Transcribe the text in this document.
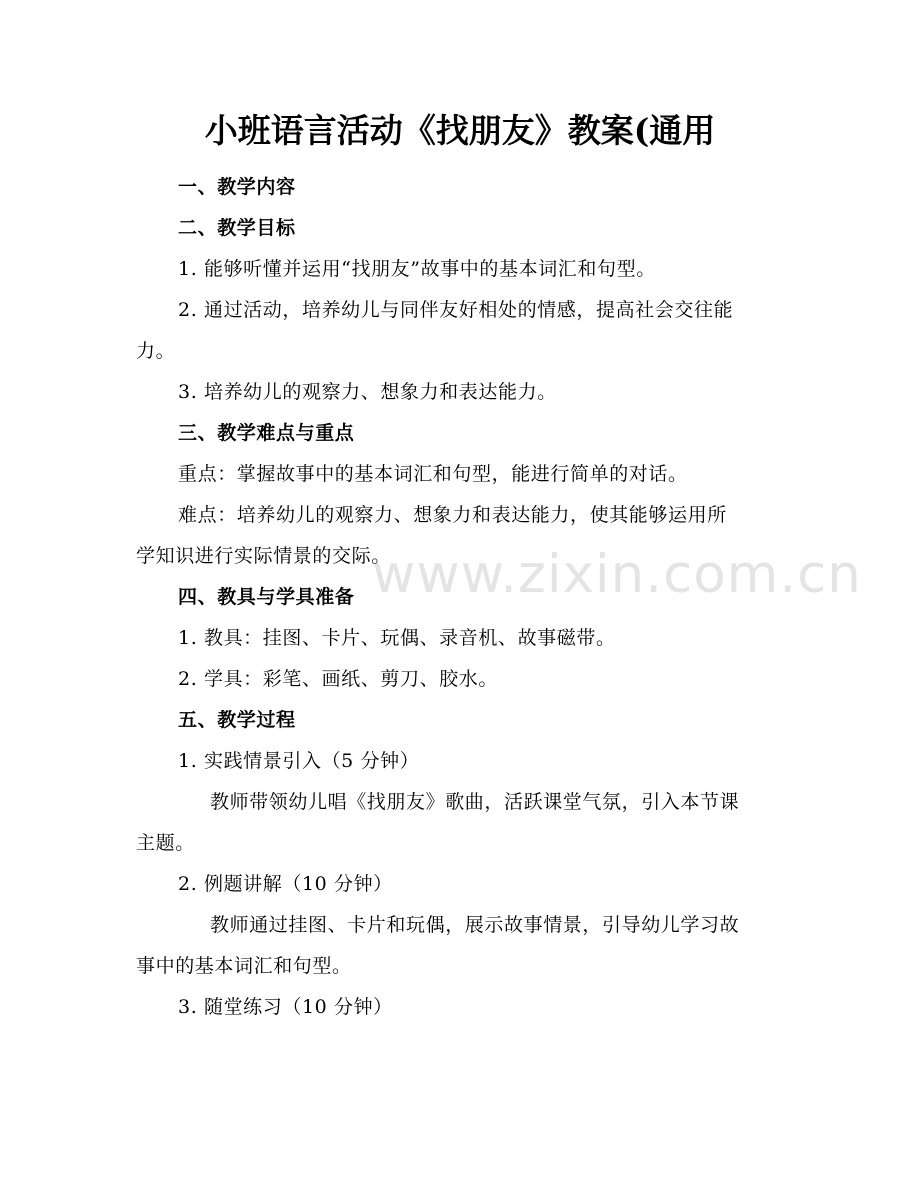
小班语言活动《找朋友》教案(通用
一、教学内容
二、教学目标
1. 能够听懂并运用“找朋友”故事中的基本词汇和句型。
2. 通过活动，培养幼儿与同伴友好相处的情感，提高社会交往能
力。
3. 培养幼儿的观察力、想象力和表达能力。
三、教学难点与重点
重点：掌握故事中的基本词汇和句型，能进行简单的对话。
难点：培养幼儿的观察力、想象力和表达能力，使其能够运用所
学知识进行实际情景的交际。
四、教具与学具准备
1. 教具：挂图、卡片、玩偶、录音机、故事磁带。
2. 学具：彩笔、画纸、剪刀、胶水。
五、教学过程
1. 实践情景引入（5 分钟）
教师带领幼儿唱《找朋友》歌曲，活跃课堂气氛，引入本节课
主题。
2. 例题讲解（10 分钟）
教师通过挂图、卡片和玩偶，展示故事情景，引导幼儿学习故
事中的基本词汇和句型。
3. 随堂练习（10 分钟）
www.zixin.com.cn
